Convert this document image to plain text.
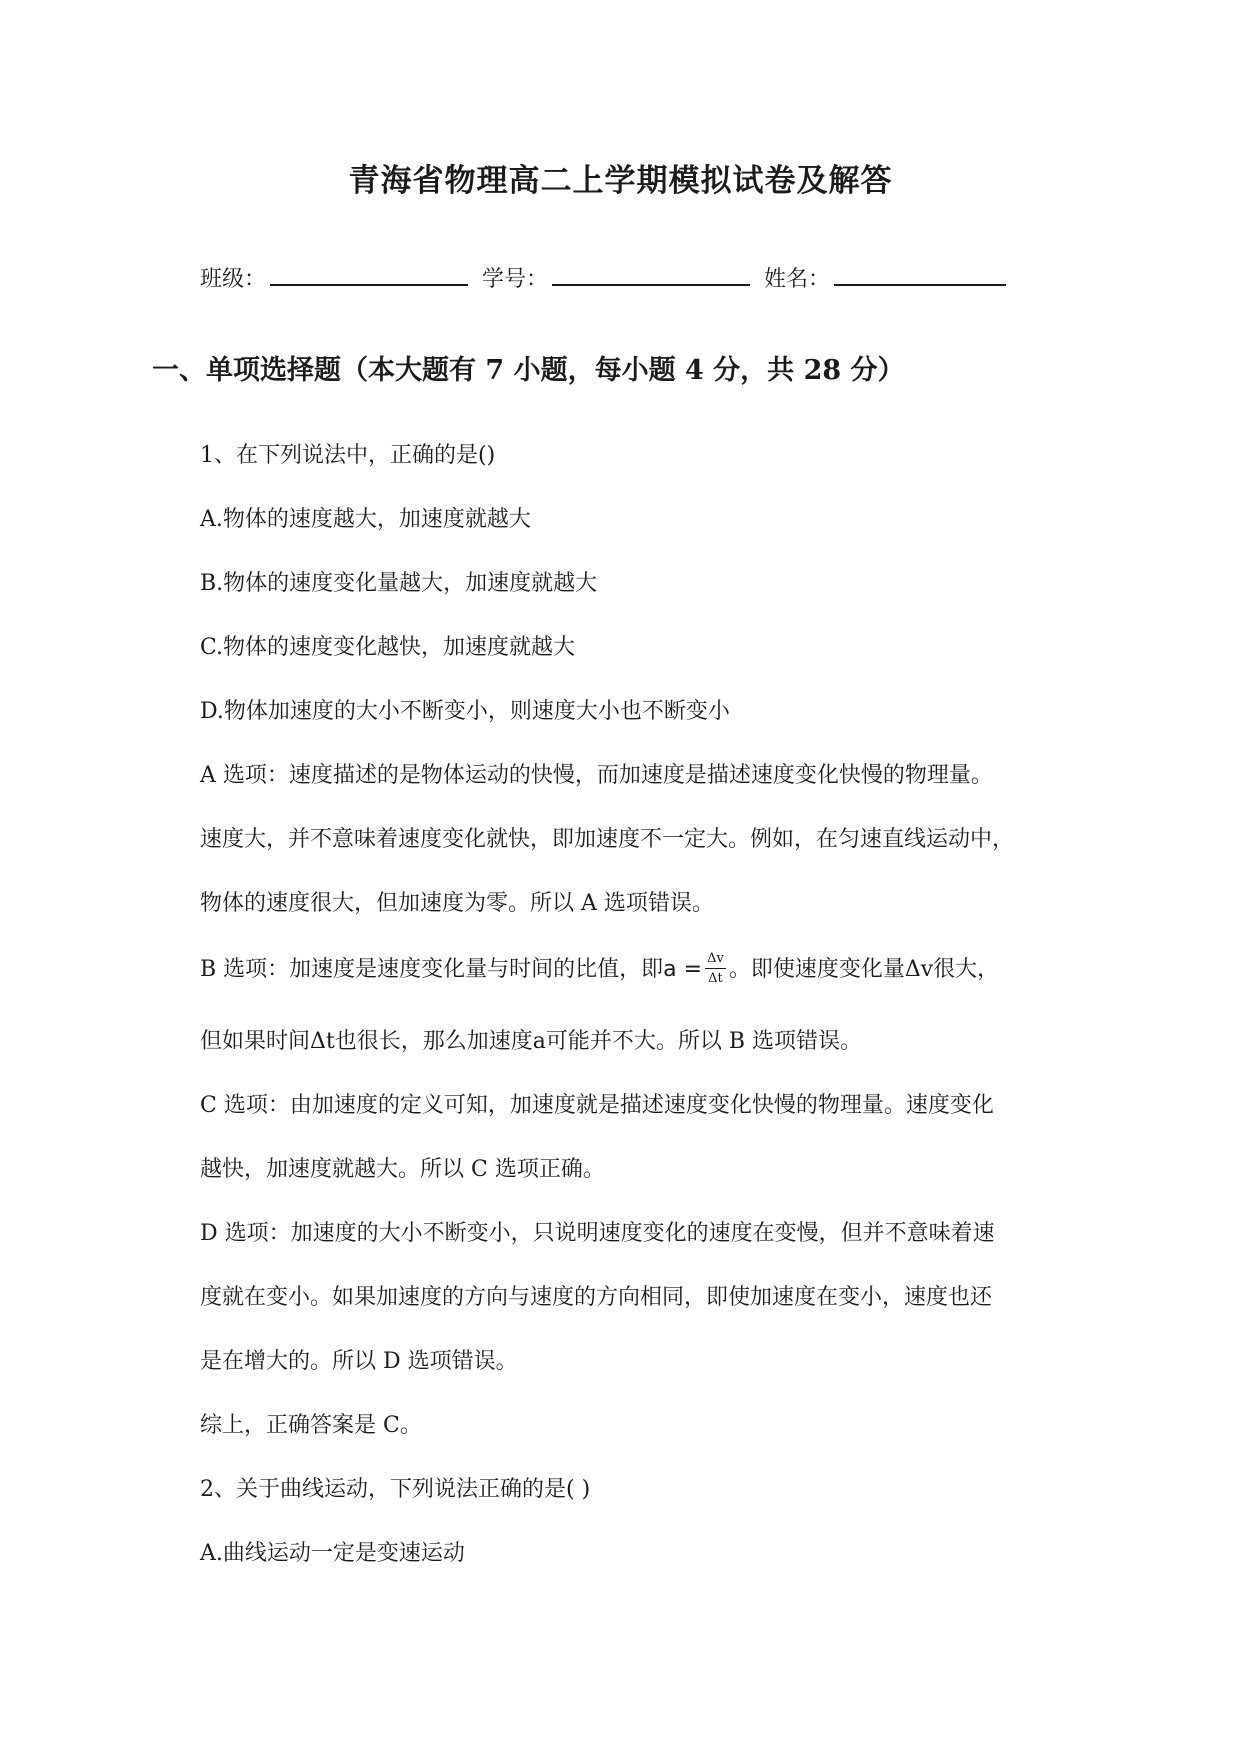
青海省物理高二上学期模拟试卷及解答
班级：	学号：	姓名：
一、单项选择题（本大题有 7 小题，每小题 4 分，共 28 分）
1、在下列说法中，正确的是()
A.物体的速度越大，加速度就越大
B.物体的速度变化量越大，加速度就越大
C.物体的速度变化越快，加速度就越大
D.物体加速度的大小不断变小，则速度大小也不断变小
A 选项：速度描述的是物体运动的快慢，而加速度是描述速度变化快慢的物理量。
速度大，并不意味着速度变化就快，即加速度不一定大。例如，在匀速直线运动中，
物体的速度很大，但加速度为零。所以 A 选项错误。
B 选项：加速度是速度变化量与时间的比值，即$a = \frac{\Delta v}{\Delta t}$ 。即使速度变化量Δv很大，
但如果时间Δt也很长，那么加速度a可能并不大。所以 B 选项错误。
C 选项：由加速度的定义可知，加速度就是描述速度变化快慢的物理量。速度变化
越快，加速度就越大。所以 C 选项正确。
D 选项：加速度的大小不断变小，只说明速度变化的速度在变慢，但并不意味着速
度就在变小。如果加速度的方向与速度的方向相同，即使加速度在变小，速度也还
是在增大的。所以 D 选项错误。
综上，正确答案是 C。
2、关于曲线运动，下列说法正确的是( )
A.曲线运动一定是变速运动
